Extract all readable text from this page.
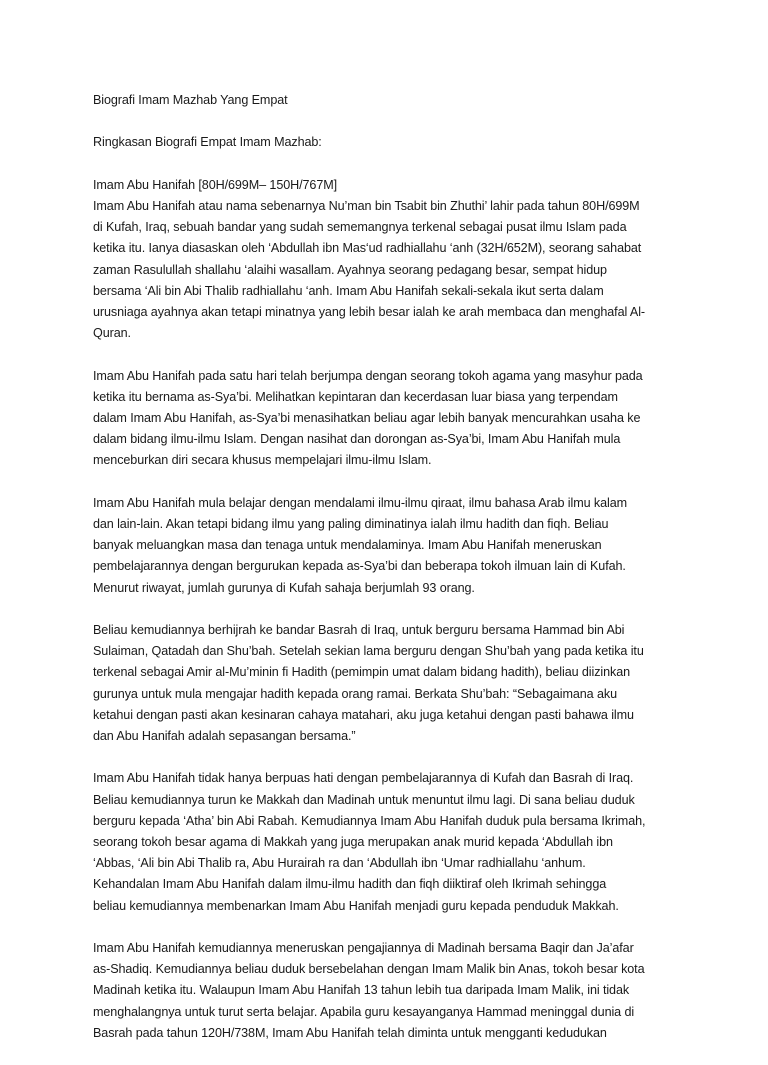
Biografi Imam Mazhab Yang Empat

Ringkasan Biografi Empat Imam Mazhab:

Imam Abu Hanifah [80H/699M– 150H/767M]
Imam Abu Hanifah atau nama sebenarnya Nu’man bin Tsabit bin Zhuthi’ lahir pada tahun 80H/699M
di Kufah, Iraq, sebuah bandar yang sudah sememangnya terkenal sebagai pusat ilmu Islam pada
ketika itu. Ianya diasaskan oleh ‘Abdullah ibn Mas‘ud radhiallahu ‘anh (32H/652M), seorang sahabat
zaman Rasulullah shallahu ‘alaihi wasallam. Ayahnya seorang pedagang besar, sempat hidup
bersama ‘Ali bin Abi Thalib radhiallahu ‘anh. Imam Abu Hanifah sekali-sekala ikut serta dalam
urusniaga ayahnya akan tetapi minatnya yang lebih besar ialah ke arah membaca dan menghafal Al-
Quran.

Imam Abu Hanifah pada satu hari telah berjumpa dengan seorang tokoh agama yang masyhur pada
ketika itu bernama as-Sya’bi. Melihatkan kepintaran dan kecerdasan luar biasa yang terpendam
dalam Imam Abu Hanifah, as-Sya’bi menasihatkan beliau agar lebih banyak mencurahkan usaha ke
dalam bidang ilmu-ilmu Islam. Dengan nasihat dan dorongan as-Sya’bi, Imam Abu Hanifah mula
menceburkan diri secara khusus mempelajari ilmu-ilmu Islam.

Imam Abu Hanifah mula belajar dengan mendalami ilmu-ilmu qiraat, ilmu bahasa Arab ilmu kalam
dan lain-lain. Akan tetapi bidang ilmu yang paling diminatinya ialah ilmu hadith dan fiqh. Beliau
banyak meluangkan masa dan tenaga untuk mendalaminya. Imam Abu Hanifah meneruskan
pembelajarannya dengan bergurukan kepada as-Sya’bi dan beberapa tokoh ilmuan lain di Kufah.
Menurut riwayat, jumlah gurunya di Kufah sahaja berjumlah 93 orang.

Beliau kemudiannya berhijrah ke bandar Basrah di Iraq, untuk berguru bersama Hammad bin Abi
Sulaiman, Qatadah dan Shu’bah. Setelah sekian lama berguru dengan Shu’bah yang pada ketika itu
terkenal sebagai Amir al-Mu’minin fi Hadith (pemimpin umat dalam bidang hadith), beliau diizinkan
gurunya untuk mula mengajar hadith kepada orang ramai. Berkata Shu’bah: “Sebagaimana aku
ketahui dengan pasti akan kesinaran cahaya matahari, aku juga ketahui dengan pasti bahawa ilmu
dan Abu Hanifah adalah sepasangan bersama.”

Imam Abu Hanifah tidak hanya berpuas hati dengan pembelajarannya di Kufah dan Basrah di Iraq.
Beliau kemudiannya turun ke Makkah dan Madinah untuk menuntut ilmu lagi. Di sana beliau duduk
berguru kepada ‘Atha’ bin Abi Rabah. Kemudiannya Imam Abu Hanifah duduk pula bersama Ikrimah,
seorang tokoh besar agama di Makkah yang juga merupakan anak murid kepada ‘Abdullah ibn
‘Abbas, ‘Ali bin Abi Thalib ra, Abu Hurairah ra dan ‘Abdullah ibn ‘Umar radhiallahu ‘anhum.
Kehandalan Imam Abu Hanifah dalam ilmu-ilmu hadith dan fiqh diiktiraf oleh Ikrimah sehingga
beliau kemudiannya membenarkan Imam Abu Hanifah menjadi guru kepada penduduk Makkah.

Imam Abu Hanifah kemudiannya meneruskan pengajiannya di Madinah bersama Baqir dan Ja’afar
as-Shadiq. Kemudiannya beliau duduk bersebelahan dengan Imam Malik bin Anas, tokoh besar kota
Madinah ketika itu. Walaupun Imam Abu Hanifah 13 tahun lebih tua daripada Imam Malik, ini tidak
menghalangnya untuk turut serta belajar. Apabila guru kesayanganya Hammad meninggal dunia di
Basrah pada tahun 120H/738M, Imam Abu Hanifah telah diminta untuk mengganti kedudukan
